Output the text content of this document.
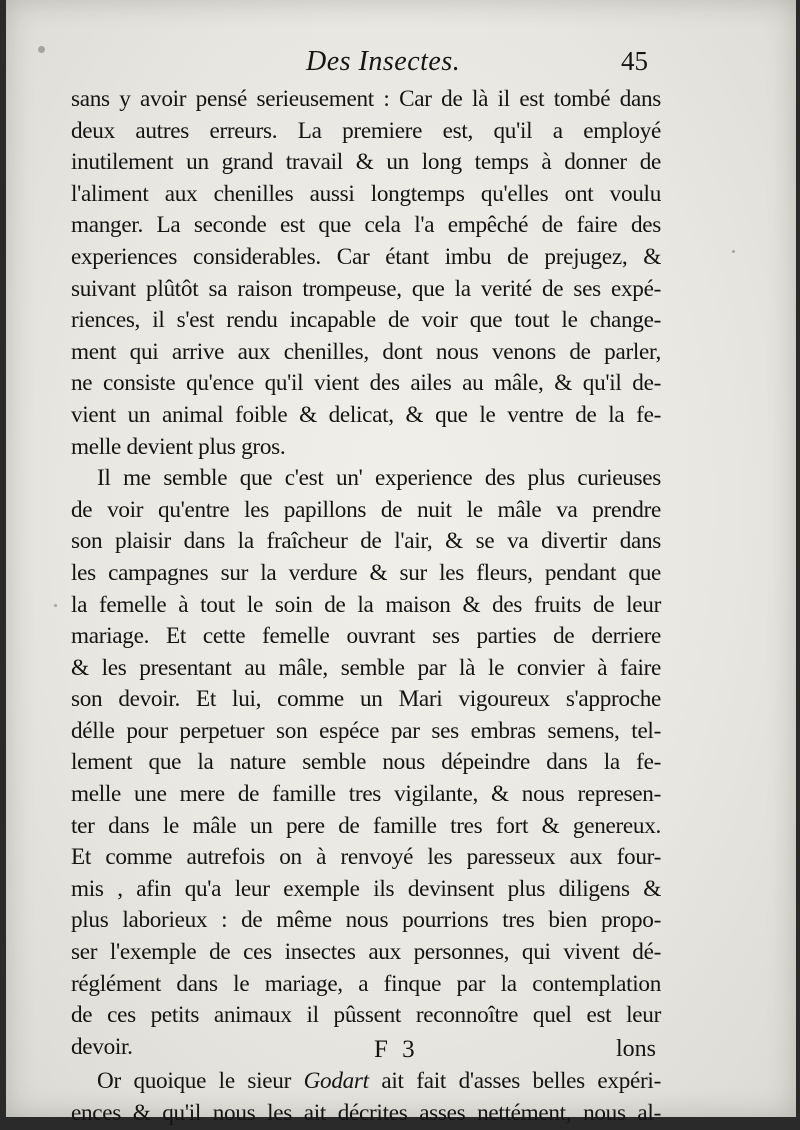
Des Insectes.	45
sans y avoir pensé serieusement : Car de là il est tombé dans
deux autres erreurs. La premiere est, qu'il a employé
inutilement un grand travail & un long temps à donner de
l'aliment aux chenilles aussi longtemps qu'elles ont voulu
manger. La seconde est que cela l'a empêché de faire des
experiences considerables. Car étant imbu de prejugez, &
suivant plûtôt sa raison trompeuse, que la verité de ses expé-
riences, il s'est rendu incapable de voir que tout le change-
ment qui arrive aux chenilles, dont nous venons de parler,
ne consiste qu'ence qu'il vient des ailes au mâle, & qu'il de-
vient un animal foible & delicat, & que le ventre de la fe-
melle devient plus gros.
Il me semble que c'est un' experience des plus curieuses
de voir qu'entre les papillons de nuit le mâle va prendre
son plaisir dans la fraîcheur de l'air, & se va divertir dans
les campagnes sur la verdure & sur les fleurs, pendant que
la femelle à tout le soin de la maison & des fruits de leur
mariage. Et cette femelle ouvrant ses parties de derriere
& les presentant au mâle, semble par là le convier à faire
son devoir. Et lui, comme un Mari vigoureux s'approche
délle pour perpetuer son espéce par ses embras semens, tel-
lement que la nature semble nous dépeindre dans la fe-
melle une mere de famille tres vigilante, & nous represen-
ter dans le mâle un pere de famille tres fort & genereux.
Et comme autrefois on à renvoyé les paresseux aux four-
mis , afin qu'a leur exemple ils devinsent plus diligens &
plus laborieux : de même nous pourrions tres bien propo-
ser l'exemple de ces insectes aux personnes, qui vivent dé-
réglément dans le mariage, a finque par la contemplation
de ces petits animaux il pûssent reconnoître quel est leur
devoir.
Or quoique le sieur Godart ait fait d'asses belles expéri-
ences & qu'il nous les ait décrites asses nettément, nous al-
F 3	lons
